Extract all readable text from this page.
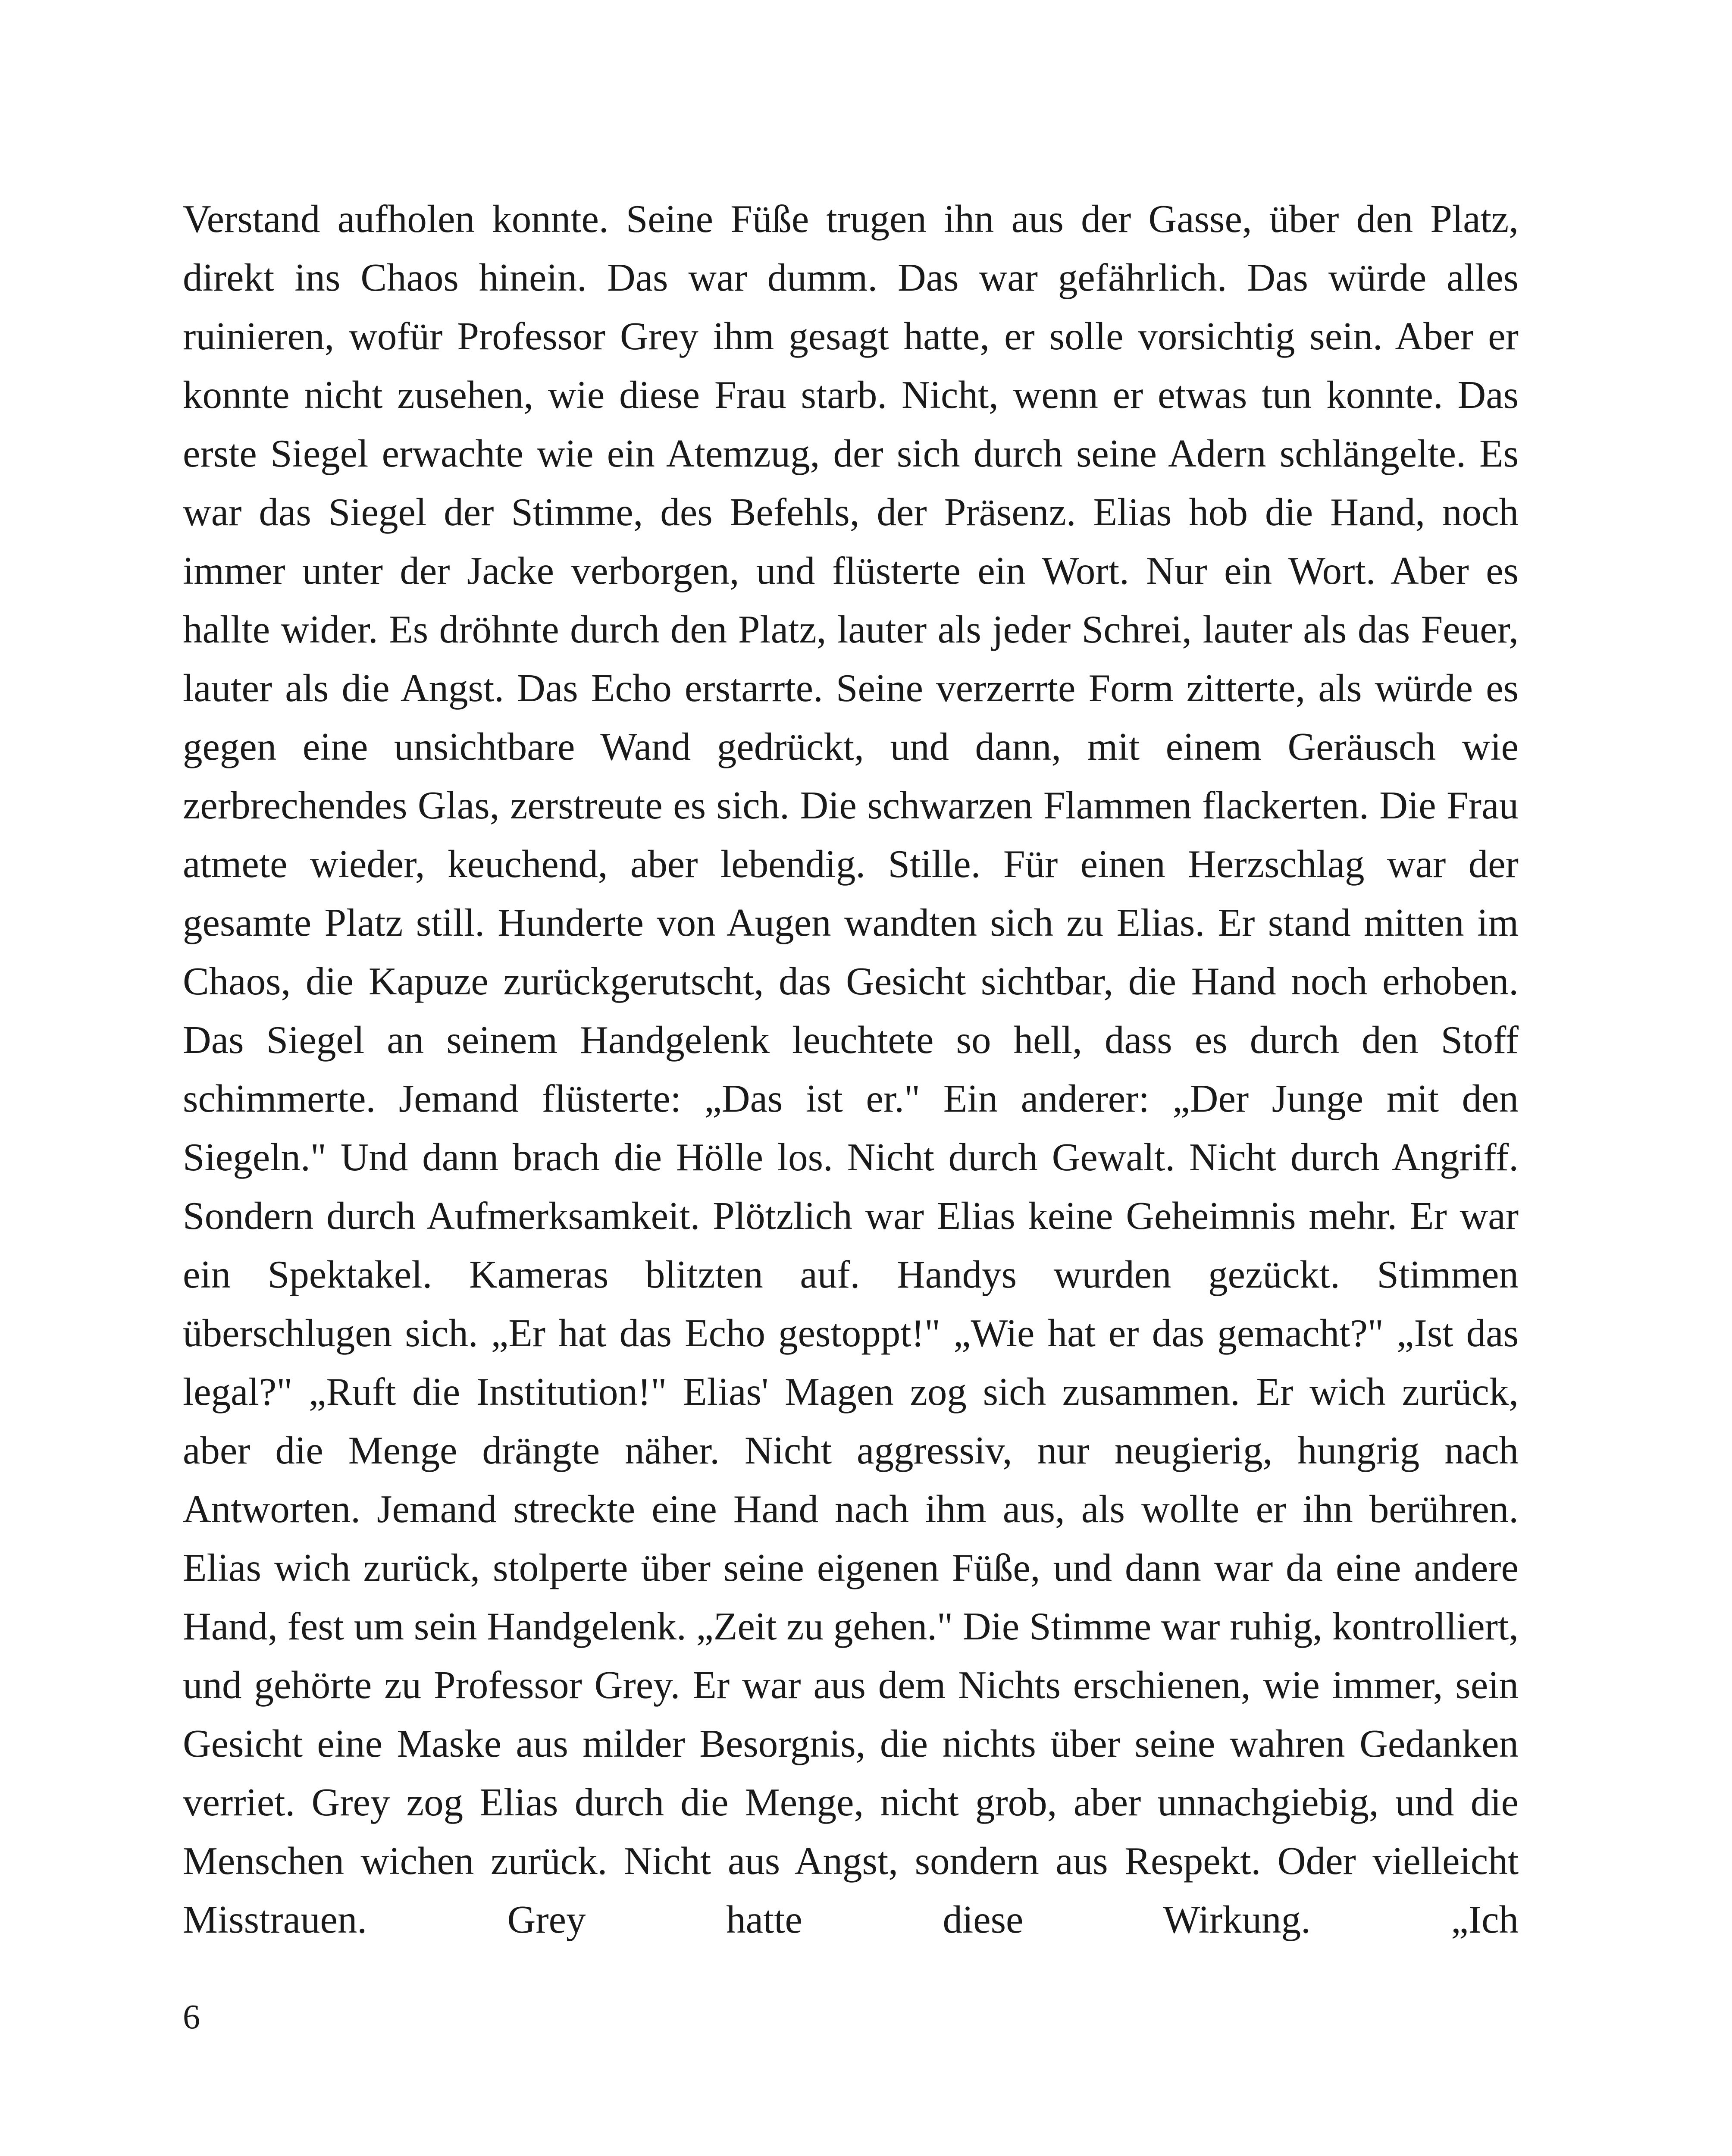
Verstand aufholen konnte. Seine Füße trugen ihn aus der Gasse, über den Platz, direkt ins Chaos hinein. Das war dumm. Das war gefährlich. Das würde alles ruinieren, wofür Professor Grey ihm gesagt hatte, er solle vorsichtig sein. Aber er konnte nicht zusehen, wie diese Frau starb. Nicht, wenn er etwas tun konnte. Das erste Siegel erwachte wie ein Atemzug, der sich durch seine Adern schlängelte. Es war das Siegel der Stimme, des Befehls, der Präsenz. Elias hob die Hand, noch immer unter der Jacke verborgen, und flüsterte ein Wort. Nur ein Wort. Aber es hallte wider. Es dröhnte durch den Platz, lauter als jeder Schrei, lauter als das Feuer, lauter als die Angst. Das Echo erstarrte. Seine verzerrte Form zitterte, als würde es gegen eine unsichtbare Wand gedrückt, und dann, mit einem Geräusch wie zerbrechendes Glas, zerstreute es sich. Die schwarzen Flammen flackerten. Die Frau atmete wieder, keuchend, aber lebendig. Stille. Für einen Herzschlag war der gesamte Platz still. Hunderte von Augen wandten sich zu Elias. Er stand mitten im Chaos, die Kapuze zurückgerutscht, das Gesicht sichtbar, die Hand noch erhoben. Das Siegel an seinem Handgelenk leuchtete so hell, dass es durch den Stoff schimmerte. Jemand flüsterte: „Das ist er." Ein anderer: „Der Junge mit den Siegeln." Und dann brach die Hölle los. Nicht durch Gewalt. Nicht durch Angriff. Sondern durch Aufmerksamkeit. Plötzlich war Elias keine Geheimnis mehr. Er war ein Spektakel. Kameras blitzten auf. Handys wurden gezückt. Stimmen überschlugen sich. „Er hat das Echo gestoppt!" „Wie hat er das gemacht?" „Ist das legal?" „Ruft die Institution!" Elias' Magen zog sich zusammen. Er wich zurück, aber die Menge drängte näher. Nicht aggressiv, nur neugierig, hungrig nach Antworten. Jemand streckte eine Hand nach ihm aus, als wollte er ihn berühren. Elias wich zurück, stolperte über seine eigenen Füße, und dann war da eine andere Hand, fest um sein Handgelenk. „Zeit zu gehen." Die Stimme war ruhig, kontrolliert, und gehörte zu Professor Grey. Er war aus dem Nichts erschienen, wie immer, sein Gesicht eine Maske aus milder Besorgnis, die nichts über seine wahren Gedanken verriet. Grey zog Elias durch die Menge, nicht grob, aber unnachgiebig, und die Menschen wichen zurück. Nicht aus Angst, sondern aus Respekt. Oder vielleicht Misstrauen. Grey hatte diese Wirkung. „Ich

6
